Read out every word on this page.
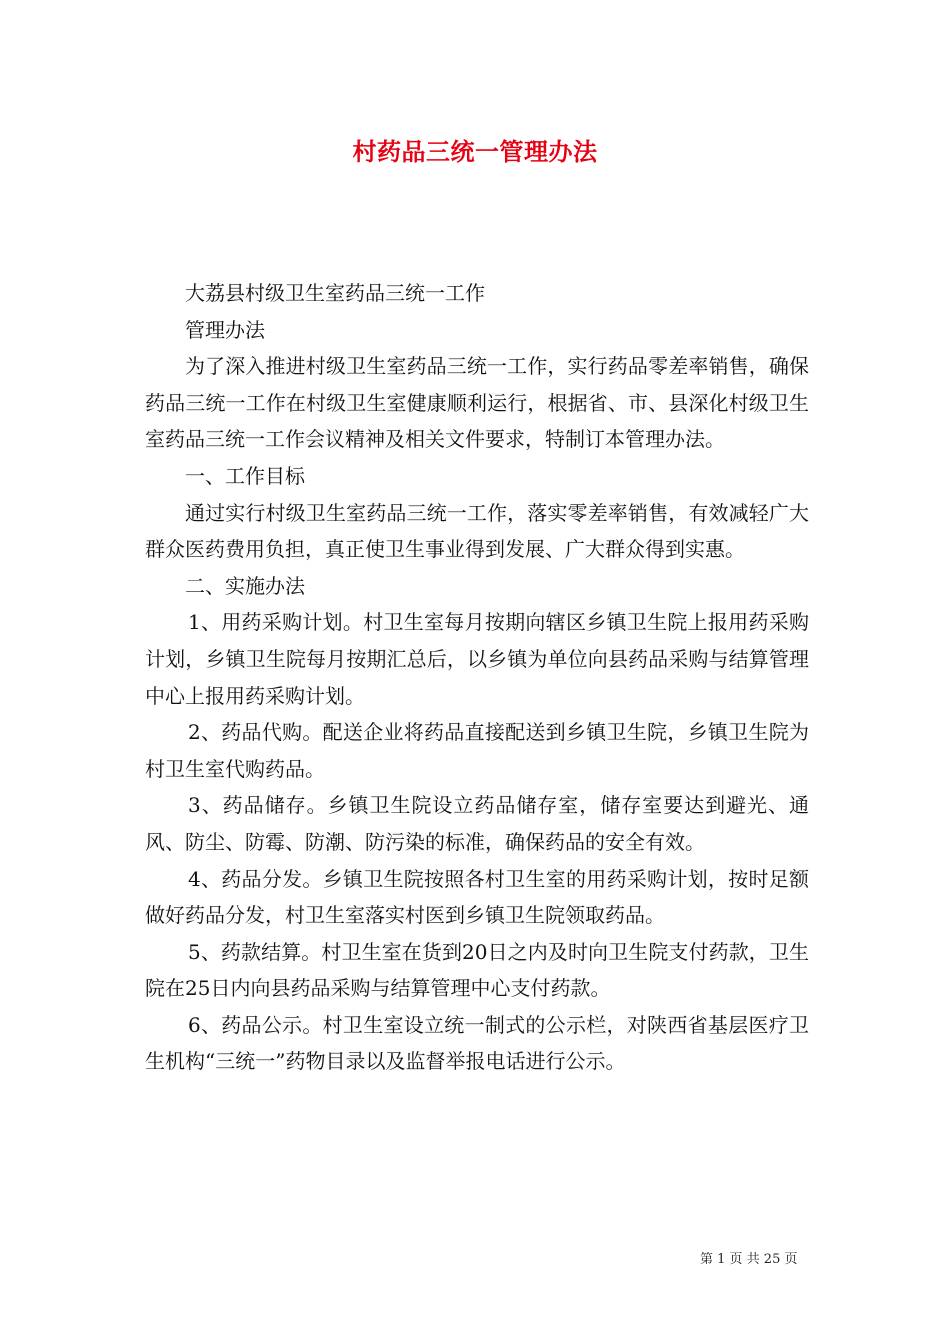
村药品三统一管理办法

大荔县村级卫生室药品三统一工作

管理办法

为了深入推进村级卫生室药品三统一工作，实行药品零差率销售，确保药品三统一工作在村级卫生室健康顺利运行，根据省、市、县深化村级卫生室药品三统一工作会议精神及相关文件要求，特制订本管理办法。

一、工作目标

通过实行村级卫生室药品三统一工作，落实零差率销售，有效减轻广大群众医药费用负担，真正使卫生事业得到发展、广大群众得到实惠。

二、实施办法

1、用药采购计划。村卫生室每月按期向辖区乡镇卫生院上报用药采购计划，乡镇卫生院每月按期汇总后，以乡镇为单位向县药品采购与结算管理中心上报用药采购计划。

2、药品代购。配送企业将药品直接配送到乡镇卫生院，乡镇卫生院为村卫生室代购药品。

3、药品储存。乡镇卫生院设立药品储存室，储存室要达到避光、通风、防尘、防霉、防潮、防污染的标准，确保药品的安全有效。

4、药品分发。乡镇卫生院按照各村卫生室的用药采购计划，按时足额做好药品分发，村卫生室落实村医到乡镇卫生院领取药品。

5、药款结算。村卫生室在货到20日之内及时向卫生院支付药款，卫生院在25日内向县药品采购与结算管理中心支付药款。

6、药品公示。村卫生室设立统一制式的公示栏，对陕西省基层医疗卫生机构“三统一”药物目录以及监督举报电话进行公示。

第 1 页 共 25 页
